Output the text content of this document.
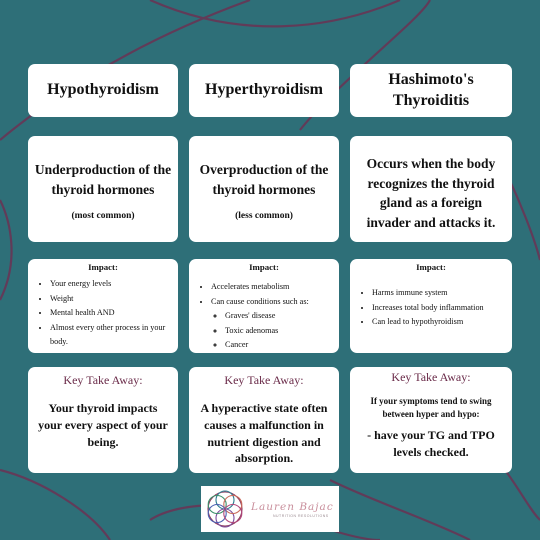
Hypothyroidism	Hyperthyroidism
Hashimoto's Thyroiditis
Underproduction of the thyroid hormones
(most common)
Overproduction of the thyroid hormones
(less common)
Occurs when the body recognizes the thyroid gland as a foreign invader and attacks it.
Impact:
• Your energy levels
• Weight
• Mental health AND
• Almost every other process in your body.
Impact:
• Accelerates metabolism
• Can cause conditions such as:
◦ Graves' disease
◦ Toxic adenomas
◦ Cancer
Impact:
• Harms immune system
• Increases total body inflammation
• Can lead to hypothyroidism
Key Take Away:
Your thyroid impacts your every aspect of your being.
Key Take Away:
A hyperactive state often causes a malfunction in nutrient digestion and absorption.
Key Take Away:
If your symptoms tend to swing between hyper and hypo:
- have your TG and TPO levels checked.
Lauren Bajac
NUTRITION RESOLUTIONS
